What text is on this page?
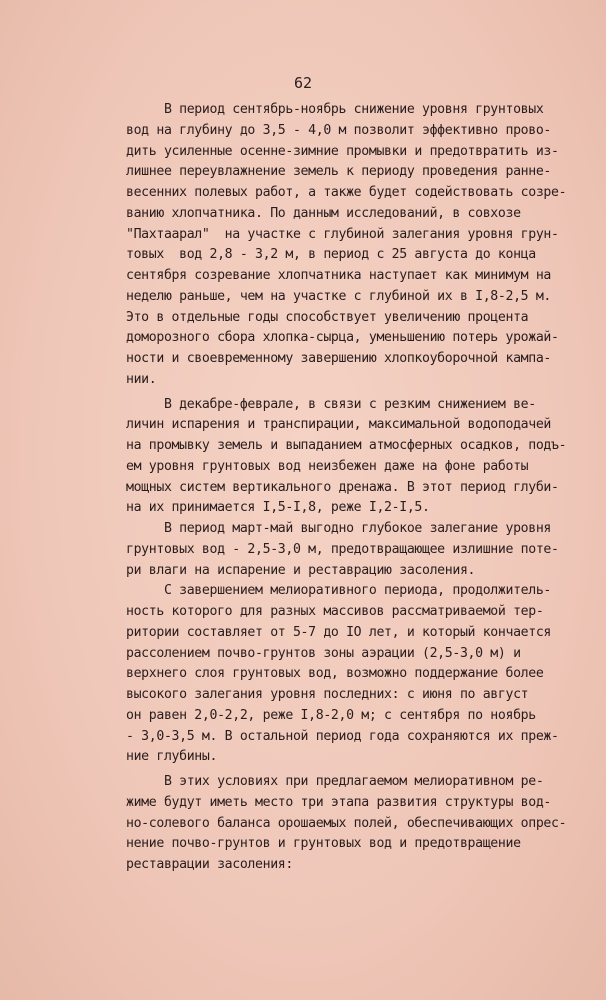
62
В период сентябрь-ноябрь снижение уровня грунтовых
вод на глубину до 3,5 - 4,0 м позволит эффективно прово-
дить усиленные осенне-зимние промывки и предотвратить из-
лишнее переувлажнение земель к периоду проведения ранне-
весенних полевых работ, а также будет содействовать созре-
ванию хлопчатника. По данным исследований, в совхозе
"Пахтаарал"  на участке с глубиной залегания уровня грун-
товых  вод 2,8 - 3,2 м, в период с 25 августа до конца
сентября созревание хлопчатника наступает как минимум на
неделю раньше, чем на участке с глубиной их в I,8-2,5 м.
Это в отдельные годы способствует увеличению процента
доморозного сбора хлопка-сырца, уменьшению потерь урожай-
ности и своевременному завершению хлопкоуборочной кампа-
нии.
В декабре-феврале, в связи с резким снижением ве-
личин испарения и транспирации, максимальной водоподачей
на промывку земель и выпаданием атмосферных осадков, подъ-
ем уровня грунтовых вод неизбежен даже на фоне работы
мощных систем вертикального дренажа. В этот период глуби-
на их принимается I,5-I,8, реже I,2-I,5.
В период март-май выгодно глубокое залегание уровня
грунтовых вод - 2,5-3,0 м, предотвращающее излишние поте-
ри влаги на испарение и реставрацию засоления.
С завершением мелиоративного периода, продолжитель-
ность которого для разных массивов рассматриваемой тер-
ритории составляет от 5-7 до IO лет, и который кончается
рассолением почво-грунтов зоны аэрации (2,5-3,0 м) и
верхнего слоя грунтовых вод, возможно поддержание более
высокого залегания уровня последних: с июня по август
он равен 2,0-2,2, реже I,8-2,0 м; с сентября по ноябрь
- 3,0-3,5 м. В остальной период года сохраняются их преж-
ние глубины.
В этих условиях при предлагаемом мелиоративном ре-
жиме будут иметь место три этапа развития структуры вод-
но-солевого баланса орошаемых полей, обеспечивающих опрес-
нение почво-грунтов и грунтовых вод и предотвращение
реставрации засоления:
